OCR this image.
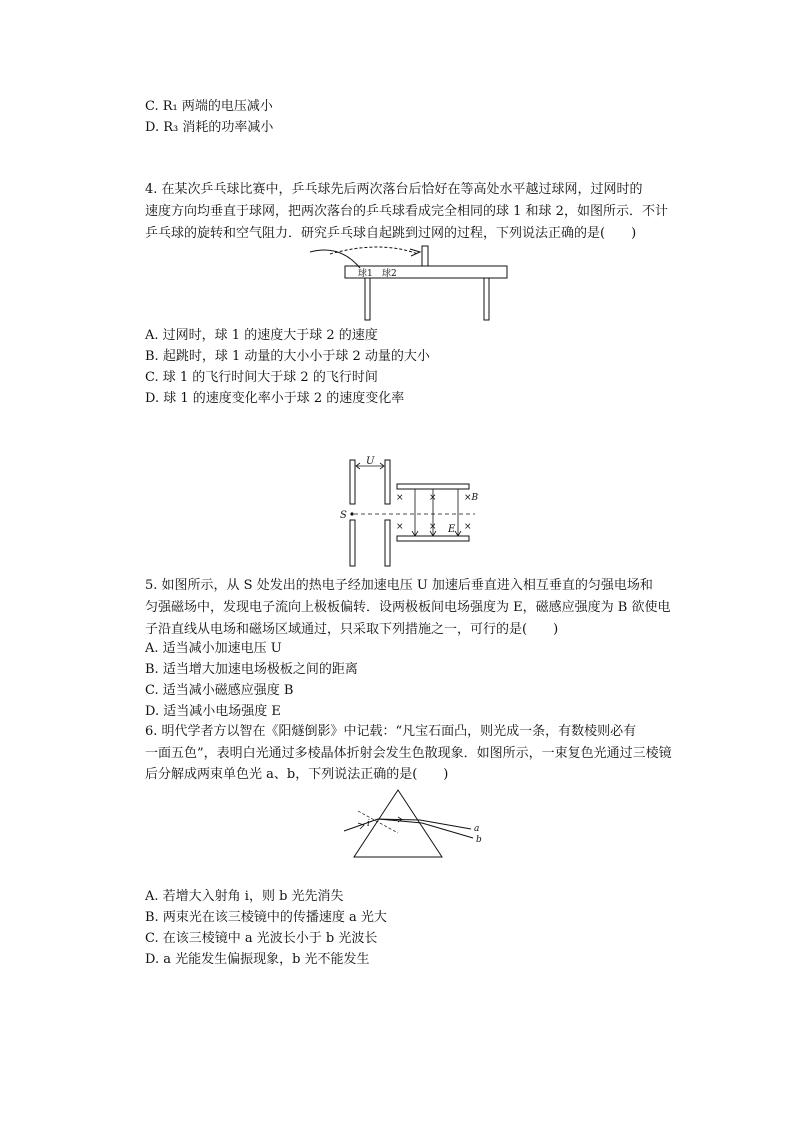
C. R₁ 两端的电压减小
D. R₃ 消耗的功率减小
4. 在某次乒乓球比赛中，乒乓球先后两次落台后恰好在等高处水平越过球网，过网时的
速度方向均垂直于球网，把两次落台的乒乓球看成完全相同的球 1 和球 2，如图所示．不计
乒乓球的旋转和空气阻力．研究乒乓球自起跳到过网的过程，下列说法正确的是(　　)
球1 球2
A. 过网时，球 1 的速度大于球 2 的速度
B. 起跳时，球 1 动量的大小小于球 2 动量的大小
C. 球 1 的飞行时间大于球 2 的飞行时间
D. 球 1 的速度变化率小于球 2 的速度变化率
U
S
×	×	×B
×	×	×
E
5. 如图所示，从 S 处发出的热电子经加速电压 U 加速后垂直进入相互垂直的匀强电场和
匀强磁场中，发现电子流向上极板偏转．设两极板间电场强度为 E，磁感应强度为 B 欲使电
子沿直线从电场和磁场区域通过，只采取下列措施之一，可行的是(　　)
A. 适当减小加速电压 U
B. 适当增大加速电场极板之间的距离
C. 适当减小磁感应强度 B
D. 适当减小电场强度 E
6. 明代学者方以智在《阳燧倒影》中记载：“凡宝石面凸，则光成一条，有数棱则必有
一面五色”，表明白光通过多棱晶体折射会发生色散现象．如图所示，一束复色光通过三棱镜
后分解成两束单色光 a、b，下列说法正确的是(　　)
i	a
b
A. 若增大入射角 i，则 b 光先消失
B. 两束光在该三棱镜中的传播速度 a 光大
C. 在该三棱镜中 a 光波长小于 b 光波长
D. a 光能发生偏振现象，b 光不能发生
